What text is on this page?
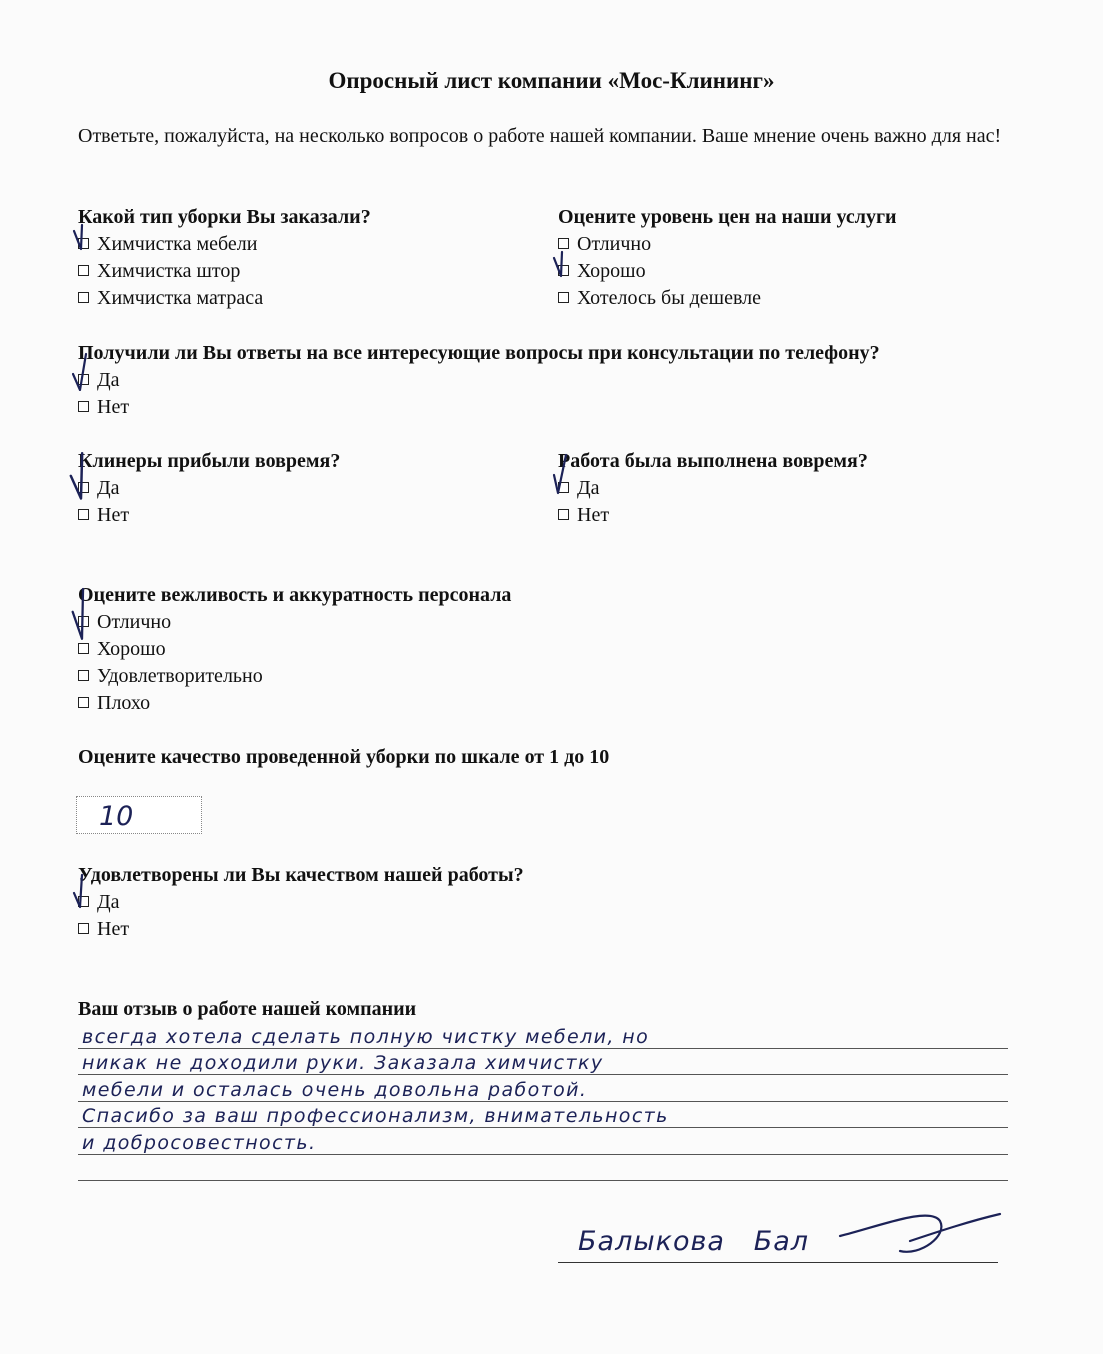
Опросный лист компании «Мос-Клининг»
Ответьте, пожалуйста, на несколько вопросов о работе нашей компании. Ваше мнение очень важно для нас!
Какой тип уборки Вы заказали?
Химчистка мебели
Химчистка штор
Химчистка матраса
Оцените уровень цен на наши услуги
Отлично
Хорошо
Хотелось бы дешевле
Получили ли Вы ответы на все интересующие вопросы при консультации по телефону?
Да
Нет
Клинеры прибыли вовремя?
Да
Нет
Работа была выполнена вовремя?
Да
Нет
Оцените вежливость и аккуратность персонала
Отлично
Хорошо
Удовлетворительно
Плохо
Оцените качество проведенной уборки по шкале от 1 до 10
10
Удовлетворены ли Вы качеством нашей работы?
Да
Нет
Ваш отзыв о работе нашей компании
всегда хотела сделать полную чистку мебели, но
никак не доходили руки. Заказала химчистку
мебели и осталась очень довольна работой.
Спасибо за ваш профессионализм, внимательность
и добросовестность.
Балыкова Бал
